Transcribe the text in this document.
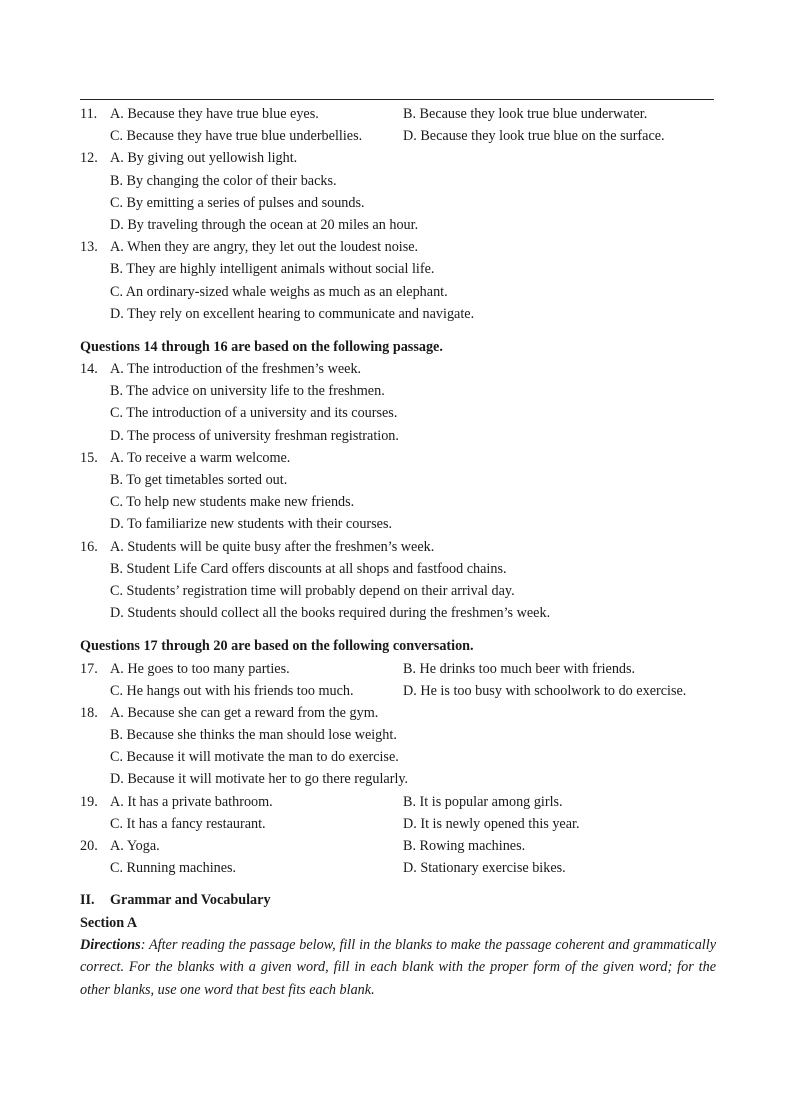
11. A. Because they have true blue eyes.	B. Because they look true blue underwater.
C. Because they have true blue underbellies.	D. Because they look true blue on the surface.
12. A. By giving out yellowish light.
B. By changing the color of their backs.
C. By emitting a series of pulses and sounds.
D. By traveling through the ocean at 20 miles an hour.
13. A. When they are angry, they let out the loudest noise.
B. They are highly intelligent animals without social life.
C. An ordinary-sized whale weighs as much as an elephant.
D. They rely on excellent hearing to communicate and navigate.
Questions 14 through 16 are based on the following passage.
14. A. The introduction of the freshmen’s week.
B. The advice on university life to the freshmen.
C. The introduction of a university and its courses.
D. The process of university freshman registration.
15. A. To receive a warm welcome.
B. To get timetables sorted out.
C. To help new students make new friends.
D. To familiarize new students with their courses.
16. A. Students will be quite busy after the freshmen’s week.
B. Student Life Card offers discounts at all shops and fastfood chains.
C. Students’ registration time will probably depend on their arrival day.
D. Students should collect all the books required during the freshmen’s week.
Questions 17 through 20 are based on the following conversation.
17. A. He goes to too many parties.	B. He drinks too much beer with friends.
C. He hangs out with his friends too much.	D. He is too busy with schoolwork to do exercise.
18. A. Because she can get a reward from the gym.
B. Because she thinks the man should lose weight.
C. Because it will motivate the man to do exercise.
D. Because it will motivate her to go there regularly.
19. A. It has a private bathroom.	B. It is popular among girls.
C. It has a fancy restaurant.	D. It is newly opened this year.
20. A. Yoga.	B. Rowing machines.
C. Running machines.	D. Stationary exercise bikes.
II. Grammar and Vocabulary
Section A
Directions: After reading the passage below, fill in the blanks to make the passage coherent and grammatically correct. For the blanks with a given word, fill in each blank with the proper form of the given word; for the other blanks, use one word that best fits each blank.
